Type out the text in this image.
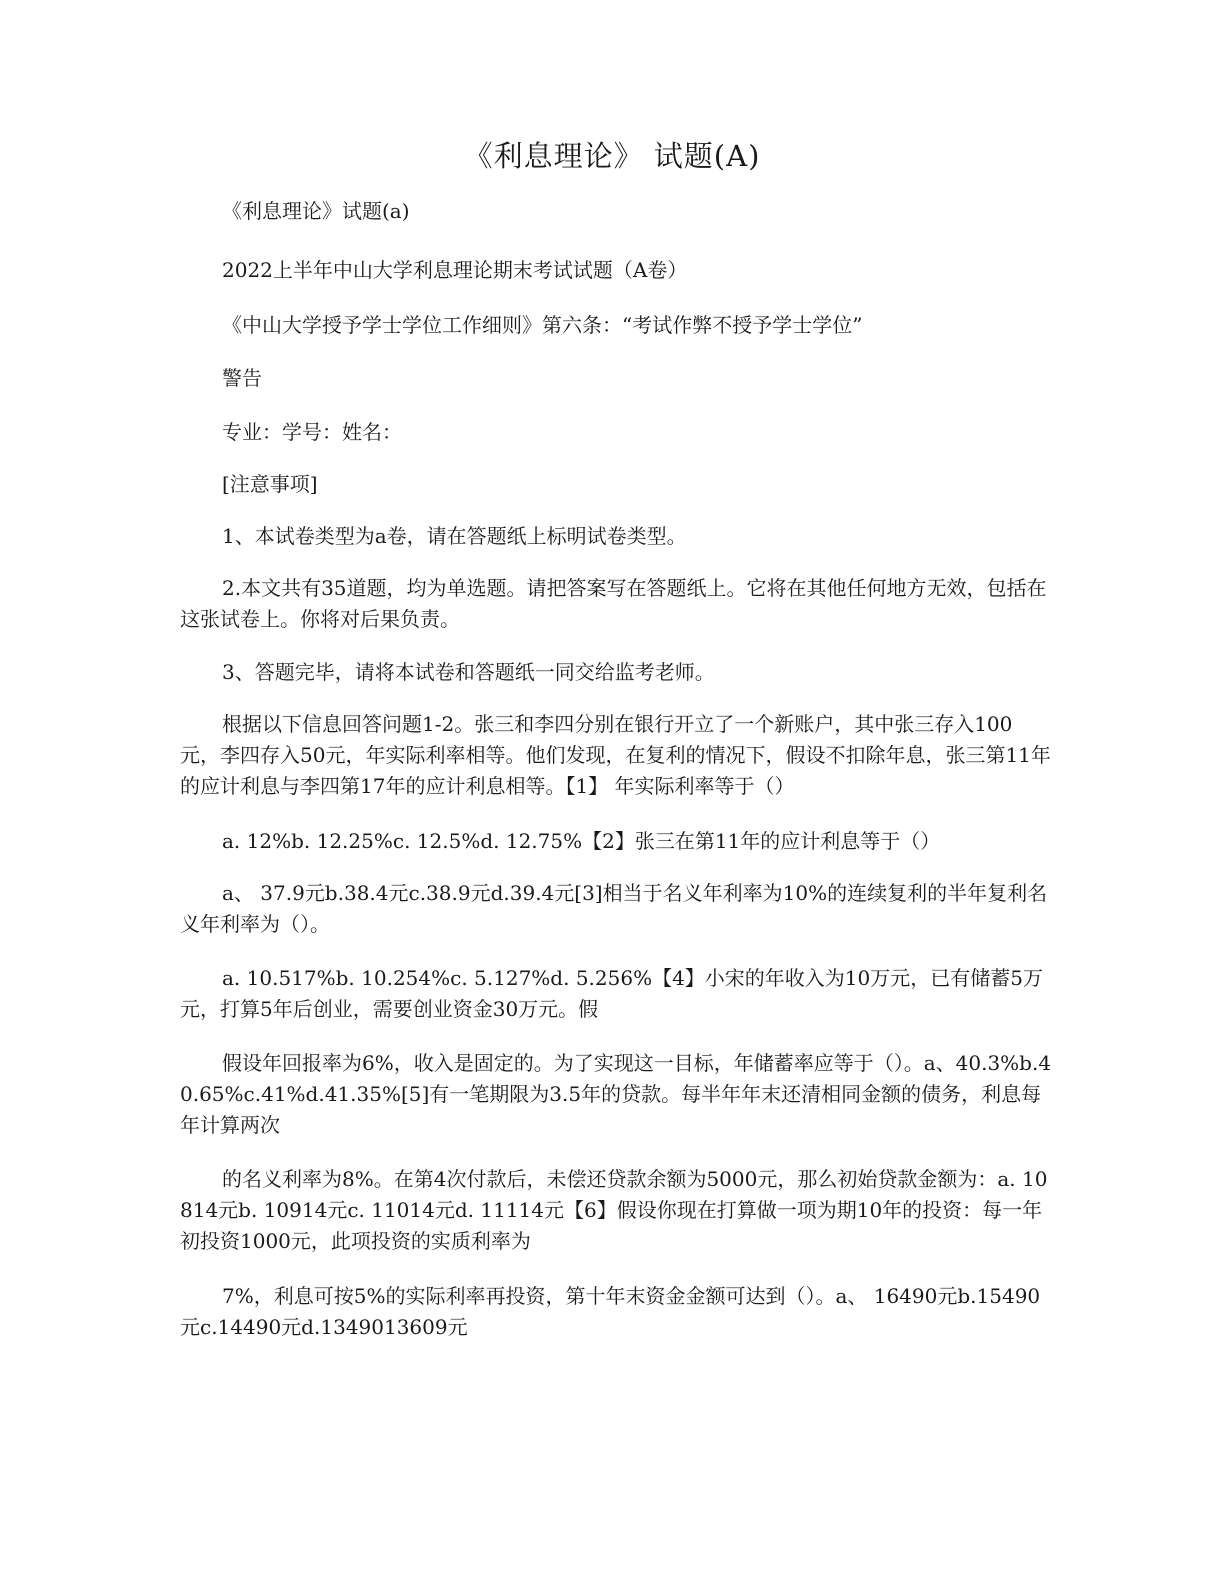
《利息理论》 试题(A)

《利息理论》试题(a)

2022上半年中山大学利息理论期末考试试题（A卷）

《中山大学授予学士学位工作细则》第六条：“考试作弊不授予学士学位”

警告

专业：学号：姓名：

[注意事项]

1、本试卷类型为a卷，请在答题纸上标明试卷类型。

2.本文共有35道题，均为单选题。请把答案写在答题纸上。它将在其他任何地方无效，包括在这张试卷上。你将对后果负责。

3、答题完毕，请将本试卷和答题纸一同交给监考老师。

根据以下信息回答问题1-2。张三和李四分别在银行开立了一个新账户，其中张三存入100元，李四存入50元，年实际利率相等。他们发现，在复利的情况下，假设不扣除年息，张三第11年的应计利息与李四第17年的应计利息相等。【1】 年实际利率等于（）

a. 12%b. 12.25%c. 12.5%d. 12.75%【2】张三在第11年的应计利息等于（）

a、 37.9元b.38.4元c.38.9元d.39.4元[3]相当于名义年利率为10%的连续复利的半年复利名义年利率为（）。

a. 10.517%b. 10.254%c. 5.127%d. 5.256%【4】小宋的年收入为10万元，已有储蓄5万元，打算5年后创业，需要创业资金30万元。假

假设年回报率为6%，收入是固定的。为了实现这一目标，年储蓄率应等于（）。a、40.3%b.40.65%c.41%d.41.35%[5]有一笔期限为3.5年的贷款。每半年年末还清相同金额的债务，利息每年计算两次

的名义利率为8%。在第4次付款后，未偿还贷款余额为5000元，那么初始贷款金额为：a. 10814元b. 10914元c. 11014元d. 11114元【6】假设你现在打算做一项为期10年的投资：每一年初投资1000元，此项投资的实质利率为

7%，利息可按5%的实际利率再投资，第十年末资金金额可达到（）。a、 16490元b.15490元c.14490元d.1349013609元
